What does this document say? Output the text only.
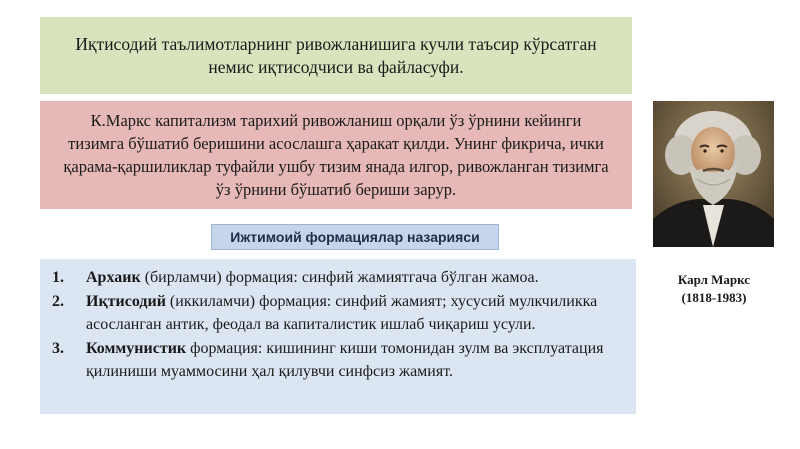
Иқтисодий таълимотларнинг ривожланишига кучли таъсир кўрсатган немис иқтисодчиси ва файласуфи.
К.Маркс капитализм тарихий ривожланиш орқали ўз ўрнини кейинги тизимга бўшатиб беришини асослашга ҳаракат қилди. Унинг фикрича, ички қарама-қаршиликлар туфайли ушбу тизим янада илгор, ривожланган тизимга ўз ўрнини бўшатиб бериши зарур.
Ижтимоий формациялар назарияси
1. Архаик (бирламчи) формация: синфий жамиятгача бўлган жамоа.
2. Иқтисодий (иккиламчи) формация: синфий жамият; хусусий мулкчиликка асосланган антик, феодал ва капиталистик ишлаб чиқариш усули.
3. Коммунистик формация: кишининг киши томонидан зулм ва эксплуатация қилиниши муаммосини ҳал қилувчи синфсиз жамият.
Карл Маркс
(1818-1983)
